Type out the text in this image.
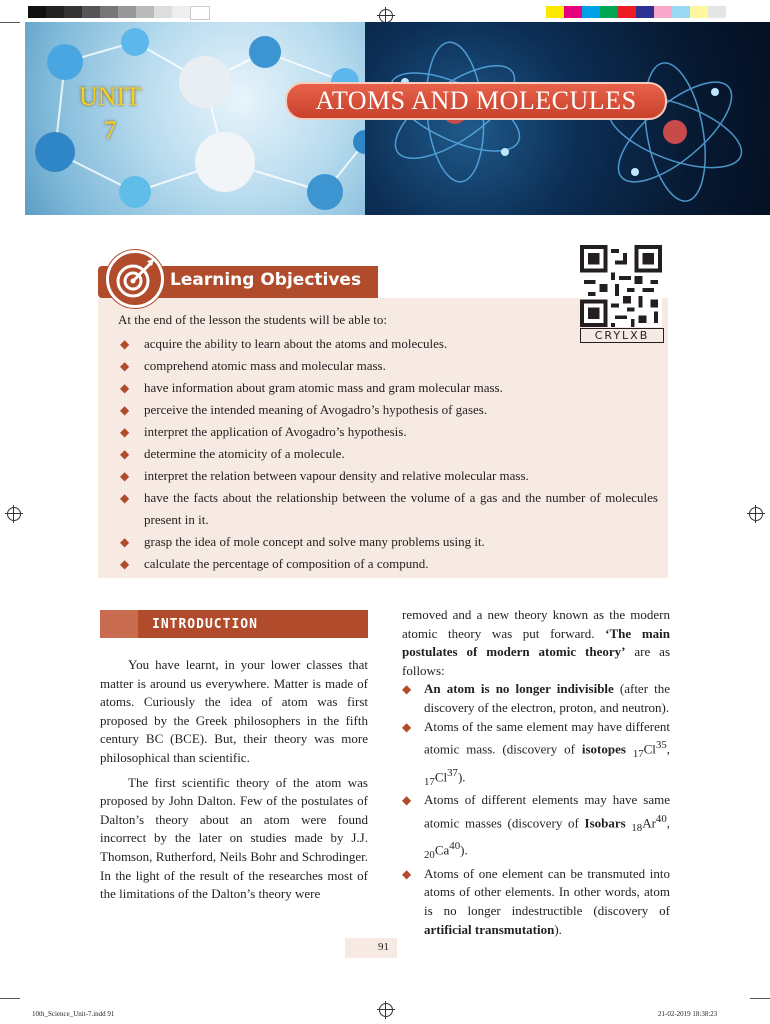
UNIT
7
ATOMS AND MOLECULES
Learning Objectives
CRYLXB
At the end of the lesson the students will be able to:
◆ acquire the ability to learn about the atoms and molecules.
◆ comprehend atomic mass and molecular mass.
◆ have information about gram atomic mass and gram molecular mass.
◆ perceive the intended meaning of Avogadro’s hypothesis of gases.
◆ interpret the application of Avogadro’s hypothesis.
◆ determine the atomicity of a molecule.
◆ interpret the relation between vapour density and relative molecular mass.
◆ have the facts about the relationship between the volume of a gas and the number of molecules present in it.
◆ grasp the idea of mole concept and solve many problems using it.
◆ calculate the percentage of composition of a compund.
INTRODUCTION

You have learnt, in your lower classes that matter is around us everywhere. Matter is made of atoms. Curiously the idea of atom was first proposed by the Greek philosophers in the fifth century BC (BCE). But, their theory was more philosophical than scientific.

The first scientific theory of the atom was proposed by John Dalton. Few of the postulates of Dalton’s theory about an atom were found incorrect by the later on studies made by J.J. Thomson, Rutherford, Neils Bohr and Schrodinger. In the light of the result of the researches most of the limitations of the Dalton’s theory were

removed and a new theory known as the modern atomic theory was put forward. ‘The main postulates of modern atomic theory’ are as follows:

◆ An atom is no longer indivisible (after the discovery of the electron, proton, and neutron).
◆ Atoms of the same element may have different atomic mass. (discovery of isotopes $_{17}Cl^{35}$, $_{17}Cl^{37}$).
◆ Atoms of different elements may have same atomic masses (discovery of Isobars $_{18}Ar^{40}$, $_{20}Ca^{40}$).
◆ Atoms of one element can be transmuted into atoms of other elements. In other words, atom is no longer indestructible (discovery of artificial transmutation).
91
10th_Science_Unit-7.indd 91	21-02-2019 18:38:23
